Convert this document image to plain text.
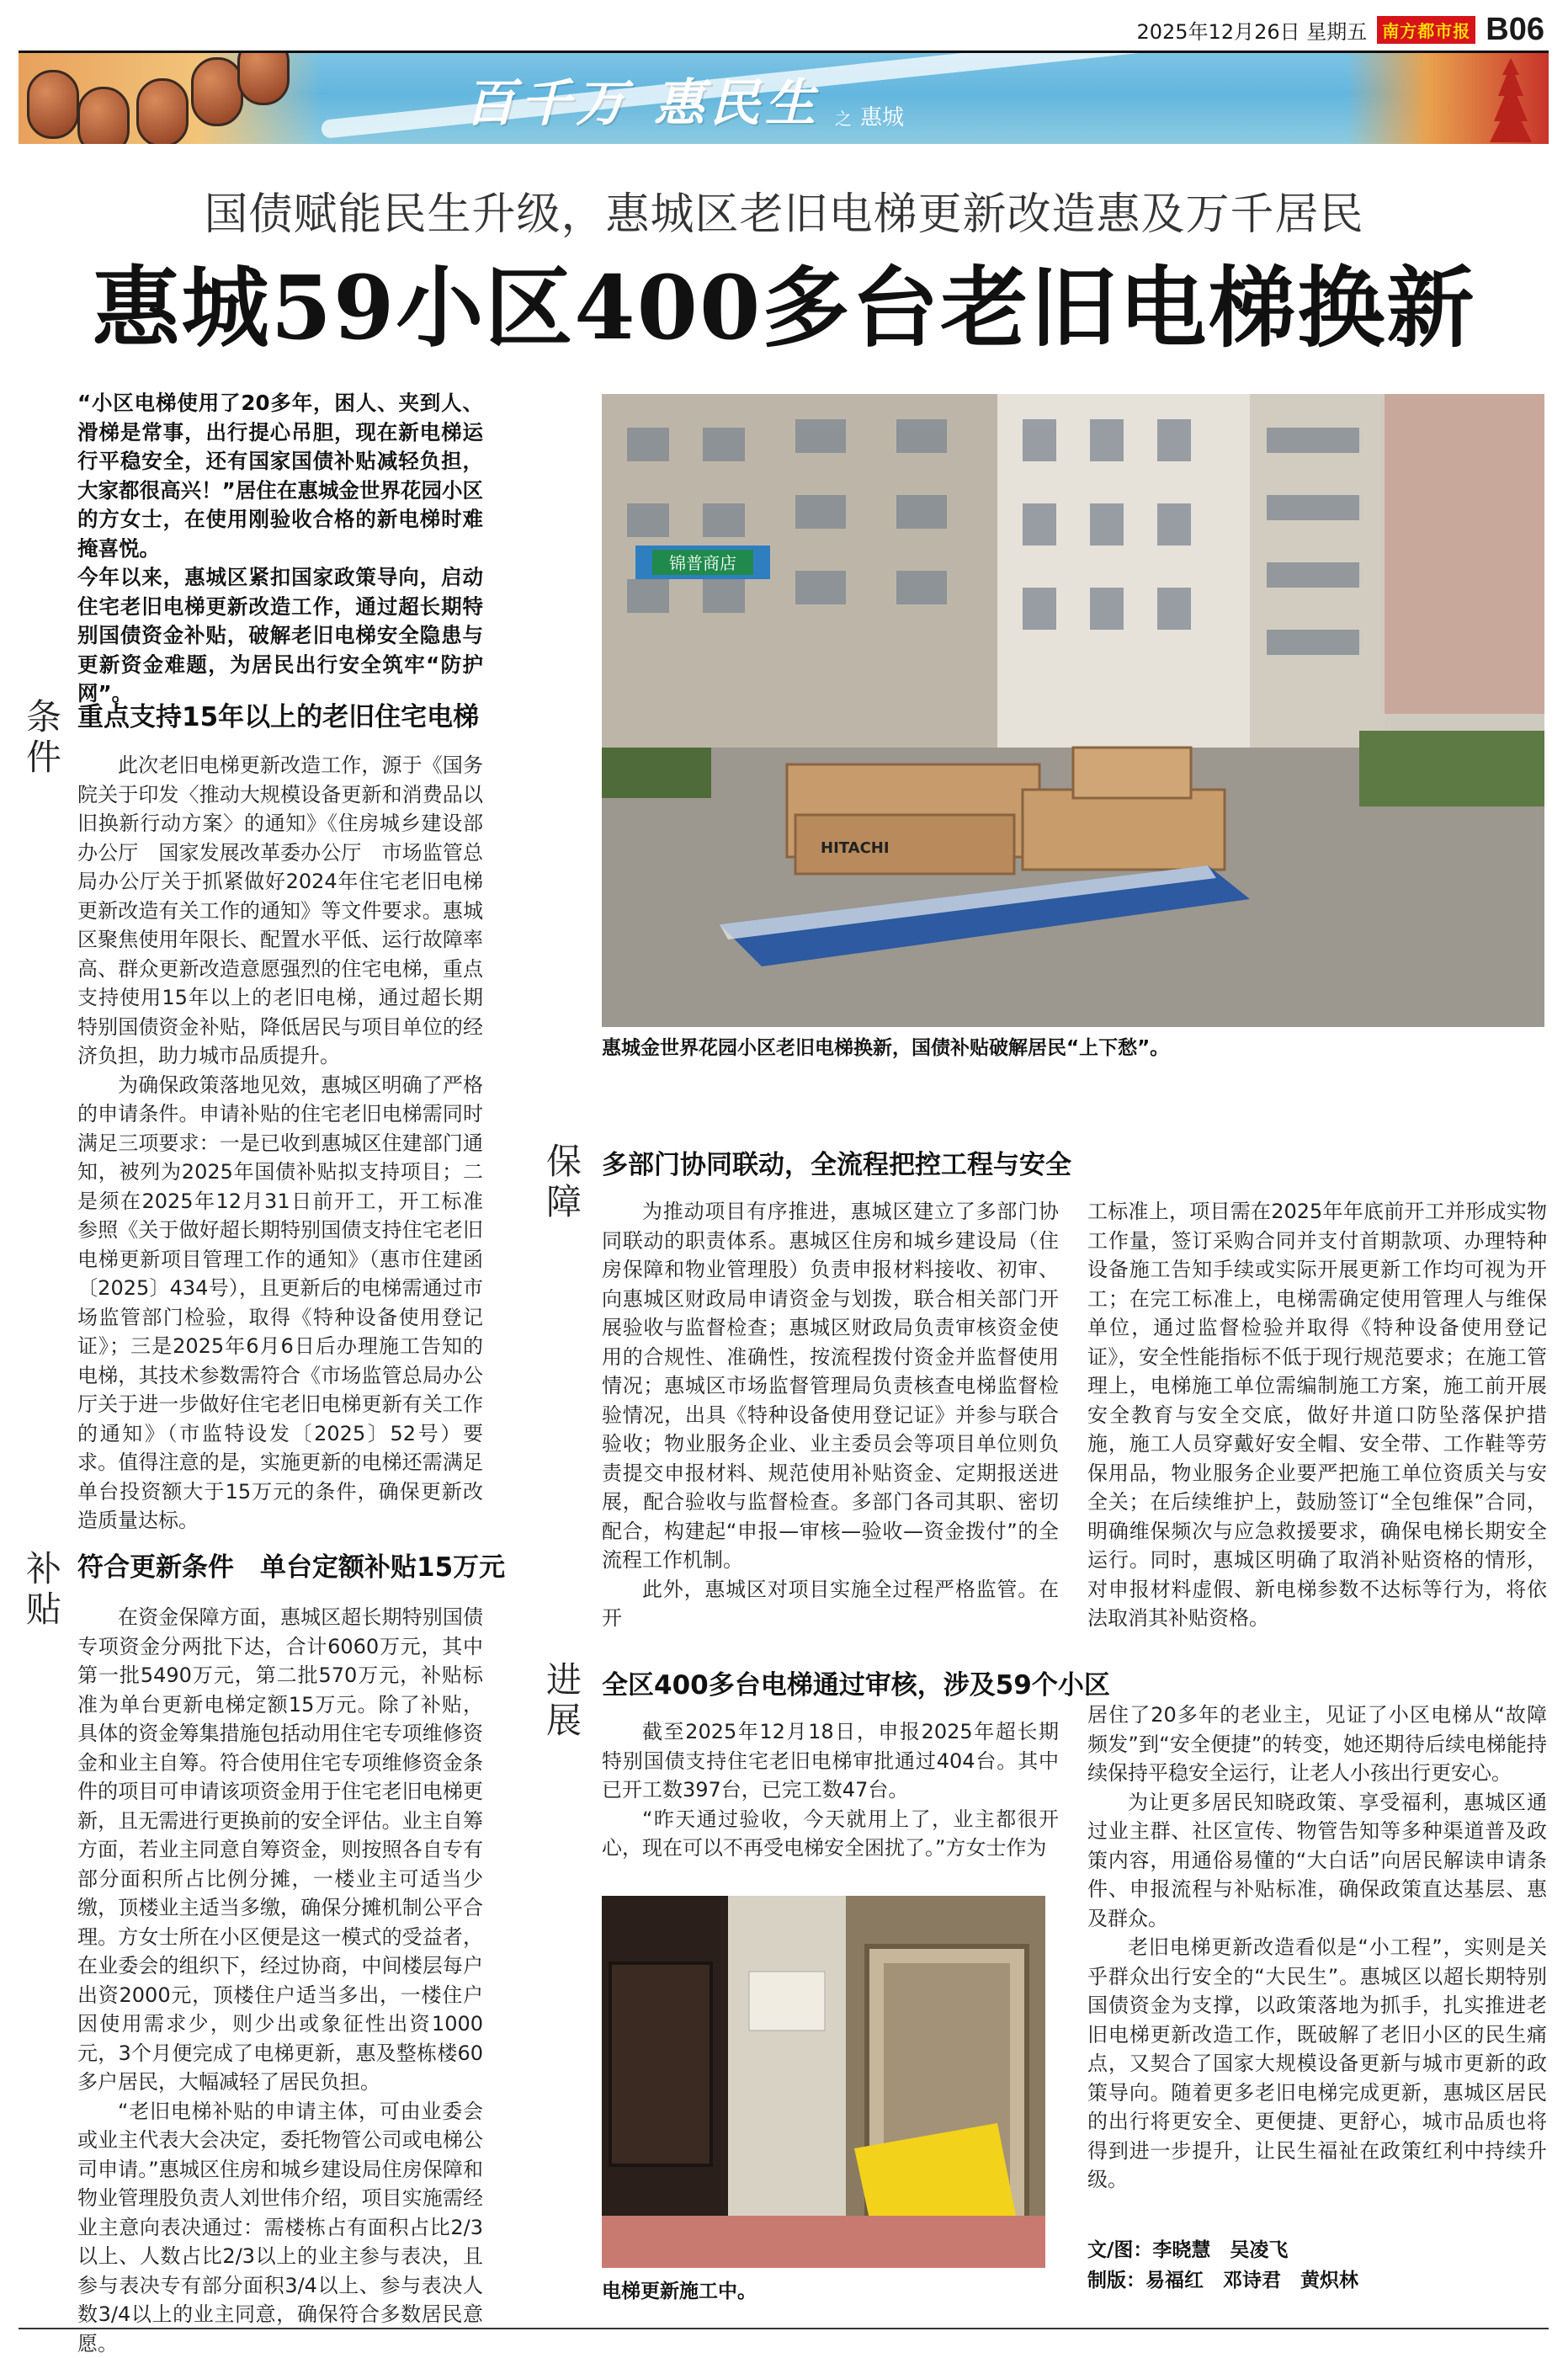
2025年12月26日 星期五 南方都市报 B06
百千万 惠民生 之 惠城
国债赋能民生升级，惠城区老旧电梯更新改造惠及万千居民
惠城59小区400多台老旧电梯换新

“小区电梯使用了20多年，困人、夹到人、滑梯是常事，出行提心吊胆，现在新电梯运行平稳安全，还有国家国债补贴减轻负担，大家都很高兴！”居住在惠城金世界花园小区的方女士，在使用刚验收合格的新电梯时难掩喜悦。

今年以来，惠城区紧扣国家政策导向，启动住宅老旧电梯更新改造工作，通过超长期特别国债资金补贴，破解老旧电梯安全隐患与更新资金难题，为居民出行安全筑牢“防护网”。

条件
重点支持15年以上的老旧住宅电梯

此次老旧电梯更新改造工作，源于《国务院关于印发〈推动大规模设备更新和消费品以旧换新行动方案〉的通知》《住房城乡建设部办公厅　国家发展改革委办公厅　市场监管总局办公厅关于抓紧做好2024年住宅老旧电梯更新改造有关工作的通知》等文件要求。惠城区聚焦使用年限长、配置水平低、运行故障率高、群众更新改造意愿强烈的住宅电梯，重点支持使用15年以上的老旧电梯，通过超长期特别国债资金补贴，降低居民与项目单位的经济负担，助力城市品质提升。

为确保政策落地见效，惠城区明确了严格的申请条件。申请补贴的住宅老旧电梯需同时满足三项要求：一是已收到惠城区住建部门通知，被列为2025年国债补贴拟支持项目；二是须在2025年12月31日前开工，开工标准参照《关于做好超长期特别国债支持住宅老旧电梯更新项目管理工作的通知》（惠市住建函〔2025〕434号），且更新后的电梯需通过市场监管部门检验，取得《特种设备使用登记证》；三是2025年6月6日后办理施工告知的电梯，其技术参数需符合《市场监管总局办公厅关于进一步做好住宅老旧电梯更新有关工作的通知》（市监特设发〔2025〕52号）要求。值得注意的是，实施更新的电梯还需满足单台投资额大于15万元的条件，确保更新改造质量达标。

补贴
符合更新条件　单台定额补贴15万元

在资金保障方面，惠城区超长期特别国债专项资金分两批下达，合计6060万元，其中第一批5490万元，第二批570万元，补贴标准为单台更新电梯定额15万元。除了补贴，具体的资金筹集措施包括动用住宅专项维修资金和业主自筹。符合使用住宅专项维修资金条件的项目可申请该项资金用于住宅老旧电梯更新，且无需进行更换前的安全评估。业主自筹方面，若业主同意自筹资金，则按照各自专有部分面积所占比例分摊，一楼业主可适当少缴，顶楼业主适当多缴，确保分摊机制公平合理。方女士所在小区便是这一模式的受益者，在业委会的组织下，经过协商，中间楼层每户出资2000元，顶楼住户适当多出，一楼住户因使用需求少，则少出或象征性出资1000元，3个月便完成了电梯更新，惠及整栋楼60多户居民，大幅减轻了居民负担。

“老旧电梯补贴的申请主体，可由业委会或业主代表大会决定，委托物管公司或电梯公司申请。”惠城区住房和城乡建设局住房保障和物业管理股负责人刘世伟介绍，项目实施需经业主意向表决通过：需楼栋占有面积占比2/3以上、人数占比2/3以上的业主参与表决，且参与表决专有部分面积3/4以上、参与表决人数3/4以上的业主同意，确保符合多数居民意愿。

锦普商店
HITACHI
惠城金世界花园小区老旧电梯换新，国债补贴破解居民“上下愁”。
保障
多部门协同联动，全流程把控工程与安全

为推动项目有序推进，惠城区建立了多部门协同联动的职责体系。惠城区住房和城乡建设局（住房保障和物业管理股）负责申报材料接收、初审、向惠城区财政局申请资金与划拨，联合相关部门开展验收与监督检查；惠城区财政局负责审核资金使用的合规性、准确性，按流程拨付资金并监督使用情况；惠城区市场监督管理局负责核查电梯监督检验情况，出具《特种设备使用登记证》并参与联合验收；物业服务企业、业主委员会等项目单位则负责提交申报材料、规范使用补贴资金、定期报送进展，配合验收与监督检查。多部门各司其职、密切配合，构建起“申报—审核—验收—资金拨付”的全流程工作机制。

此外，惠城区对项目实施全过程严格监管。在开

工标准上，项目需在2025年年底前开工并形成实物工作量，签订采购合同并支付首期款项、办理特种设备施工告知手续或实际开展更新工作均可视为开工；在完工标准上，电梯需确定使用管理人与维保单位，通过监督检验并取得《特种设备使用登记证》，安全性能指标不低于现行规范要求；在施工管理上，电梯施工单位需编制施工方案，施工前开展安全教育与安全交底，做好井道口防坠落保护措施，施工人员穿戴好安全帽、安全带、工作鞋等劳保用品，物业服务企业要严把施工单位资质关与安全关；在后续维护上，鼓励签订“全包维保”合同，明确维保频次与应急救援要求，确保电梯长期安全运行。同时，惠城区明确了取消补贴资格的情形，对申报材料虚假、新电梯参数不达标等行为，将依法取消其补贴资格。

进展
全区400多台电梯通过审核，涉及59个小区

截至2025年12月18日，申报2025年超长期特别国债支持住宅老旧电梯审批通过404台。其中已开工数397台，已完工数47台。

“昨天通过验收，今天就用上了，业主都很开心，现在可以不再受电梯安全困扰了。”方女士作为

电梯更新施工中。

居住了20多年的老业主，见证了小区电梯从“故障频发”到“安全便捷”的转变，她还期待后续电梯能持续保持平稳安全运行，让老人小孩出行更安心。

为让更多居民知晓政策、享受福利，惠城区通过业主群、社区宣传、物管告知等多种渠道普及政策内容，用通俗易懂的“大白话”向居民解读申请条件、申报流程与补贴标准，确保政策直达基层、惠及群众。

老旧电梯更新改造看似是“小工程”，实则是关乎群众出行安全的“大民生”。惠城区以超长期特别国债资金为支撑，以政策落地为抓手，扎实推进老旧电梯更新改造工作，既破解了老旧小区的民生痛点，又契合了国家大规模设备更新与城市更新的政策导向。随着更多老旧电梯完成更新，惠城区居民的出行将更安全、更便捷、更舒心，城市品质也将得到进一步提升，让民生福祉在政策红利中持续升级。

文/图：李晓慧　吴凌飞
制版：易福红　邓诗君　黄炽林
